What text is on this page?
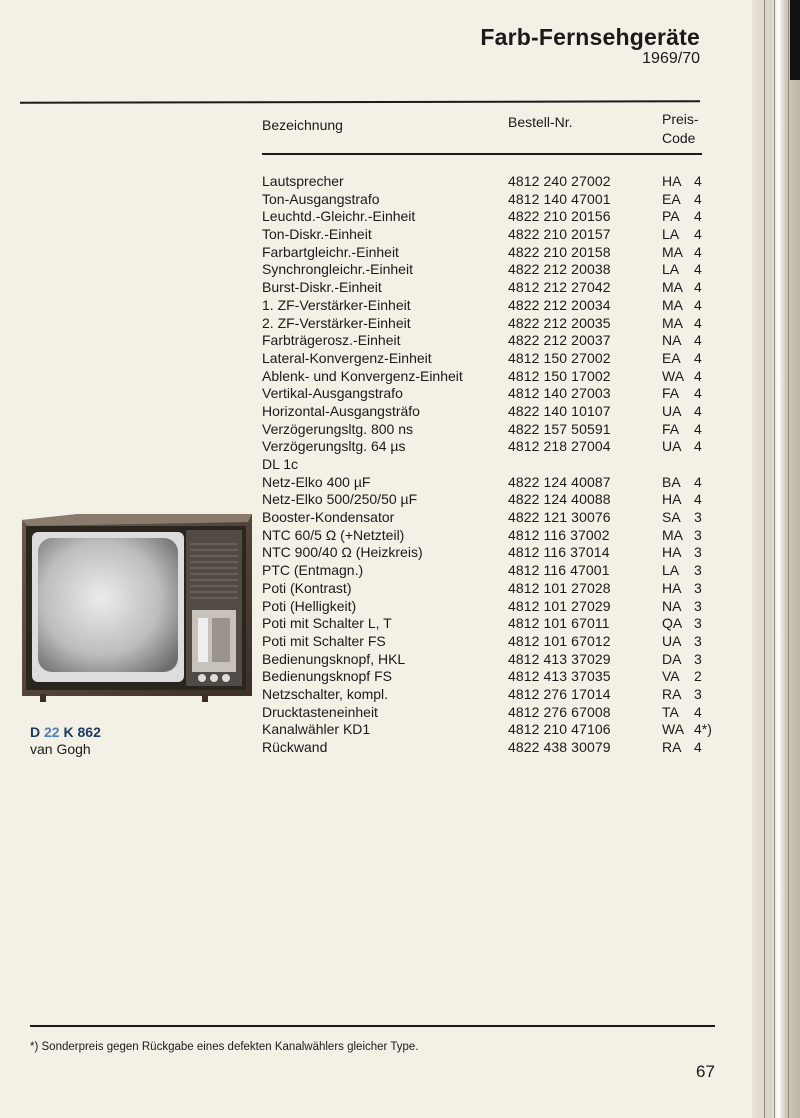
Farb-Fernsehgeräte
1969/70
Bezeichnung	Bestell-Nr.	Preis-
Code
Lautsprecher	4812 240 27002	HA 4
Ton-Ausgangstrafo	4812 140 47001	EA 4
Leuchtd.-Gleichr.-Einheit	4822 210 20156	PA 4
Ton-Diskr.-Einheit	4822 210 20157	LA 4
Farbartgleichr.-Einheit	4822 210 20158	MA 4
Synchrongleichr.-Einheit	4822 212 20038	LA 4
Burst-Diskr.-Einheit	4812 212 27042	MA 4
1. ZF-Verstärker-Einheit	4822 212 20034	MA 4
2. ZF-Verstärker-Einheit	4822 212 20035	MA 4
Farbträgerosz.-Einheit	4822 212 20037	NA 4
Lateral-Konvergenz-Einheit	4812 150 27002	EA 4
Ablenk- und Konvergenz-Einheit	4812 150 17002	WA 4
Vertikal-Ausgangstrafo	4812 140 27003	FA 4
Horizontal-Ausgangsträfo	4822 140 10107	UA 4
Verzögerungsltg. 800 ns	4822 157 50591	FA 4
Verzögerungsltg. 64 µs	4812 218 27004	UA 4
DL 1c
Netz-Elko 400 µF	4822 124 40087	BA 4
Netz-Elko 500/250/50 µF	4822 124 40088	HA 4
Booster-Kondensator	4822 121 30076	SA 3
NTC 60/5 Ω (+Netzteil)	4812 116 37002	MA 3
NTC 900/40 Ω (Heizkreis)	4812 116 37014	HA 3
PTC (Entmagn.)	4812 116 47001	LA 3
Poti (Kontrast)	4812 101 27028	HA 3
Poti (Helligkeit)	4812 101 27029	NA 3
Poti mit Schalter L, T	4812 101 67011	QA 3
Poti mit Schalter FS	4812 101 67012	UA 3
Bedienungsknopf, HKL	4812 413 37029	DA 3
Bedienungsknopf FS	4812 413 37035	VA 2
Netzschalter, kompl.	4812 276 17014	RA 3
Drucktasteneinheit	4812 276 67008	TA 4
Kanalwähler KD1	4812 210 47106	WA 4*)
Rückwand	4822 438 30079	RA 4
D 22 K 862
van Gogh
*) Sonderpreis gegen Rückgabe eines defekten Kanalwählers gleicher Type.
67
